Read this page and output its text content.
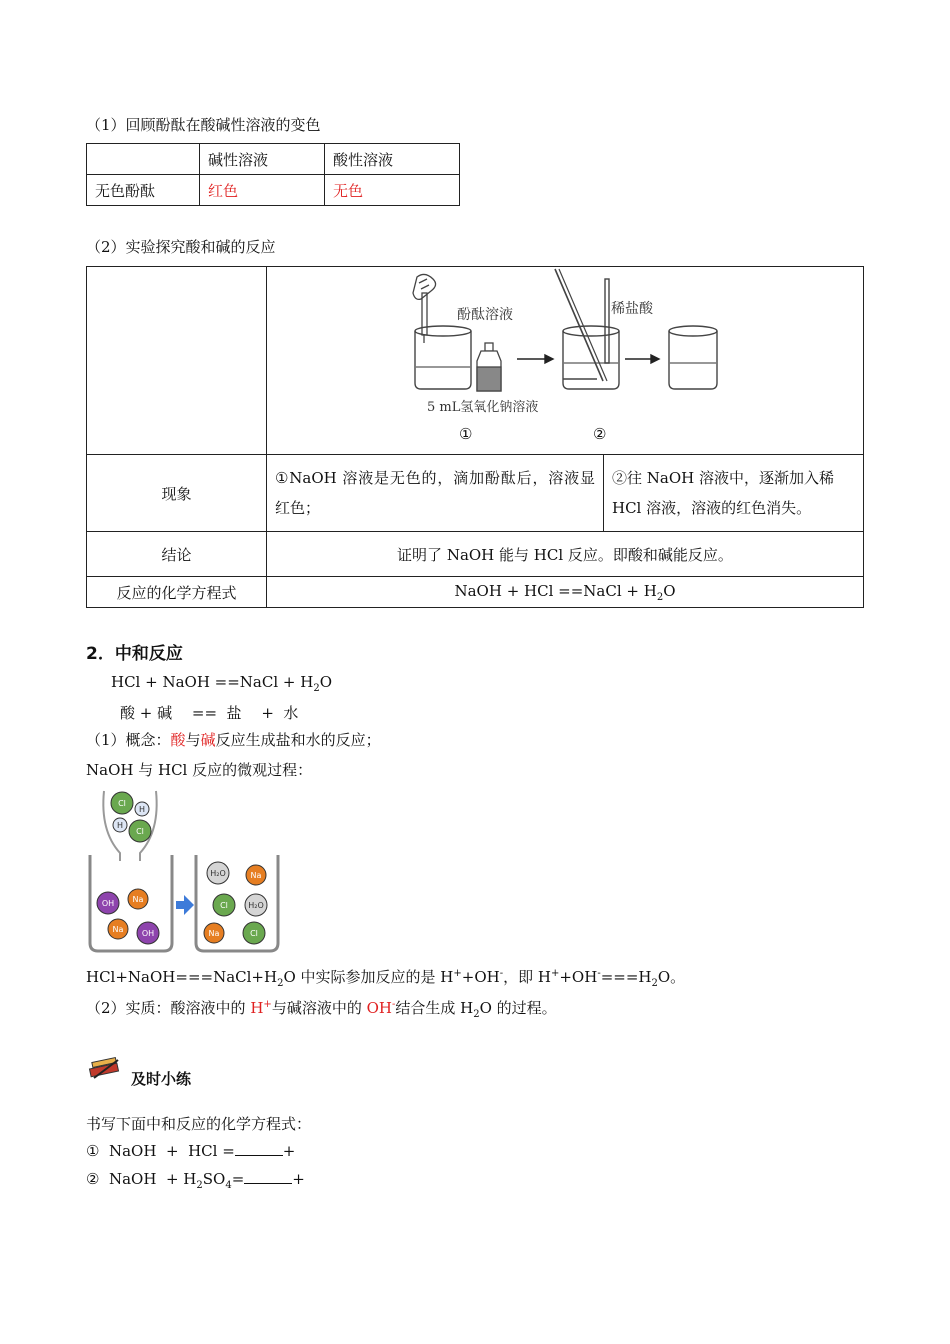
（1）回顾酚酞在酸碱性溶液的变色
	碱性溶液	酸性溶液
无色酚酞	红色	无色
（2）实验探究酸和碱的反应

酚酞溶液 稀盐酸
5 mL氢氧化钠溶液
① ②	

现象	①NaOH 溶液是无色的，滴加酚酞后，溶液显红色；	②往 NaOH 溶液中，逐渐加入稀 HCl 溶液，溶液的红色消失。
结论	证明了 NaOH 能与 HCl 反应。即酸和碱能反应。	
反应的化学方程式	NaOH + HCl ==NaCl + $H_2O$	
2．中和反应
HCl + NaOH ==NaCl + $H_2O$
酸 + 碱　 ==  盐　 +  水
（1）概念：酸与碱反应生成盐和水的反应；
NaOH 与 HCl 反应的微观过程：
Cl
H
H
Cl
OH Na
Na OH
H₂O	Na
Cl	H₂O
Na	Cl
$HCl+NaOH===NaCl+H_2O$ 中实际参加反应的是 H++OH-，即 $H^++OH^-===H_2O$。
（2）实质：酸溶液中的 H+与碱溶液中的 OH-结合生成 $H_2O$ 的过程。
及时小练
书写下面中和反应的化学方程式：
①  NaOH  +  HCl =	+
②  NaOH  + $H_2SO_4=$	+
